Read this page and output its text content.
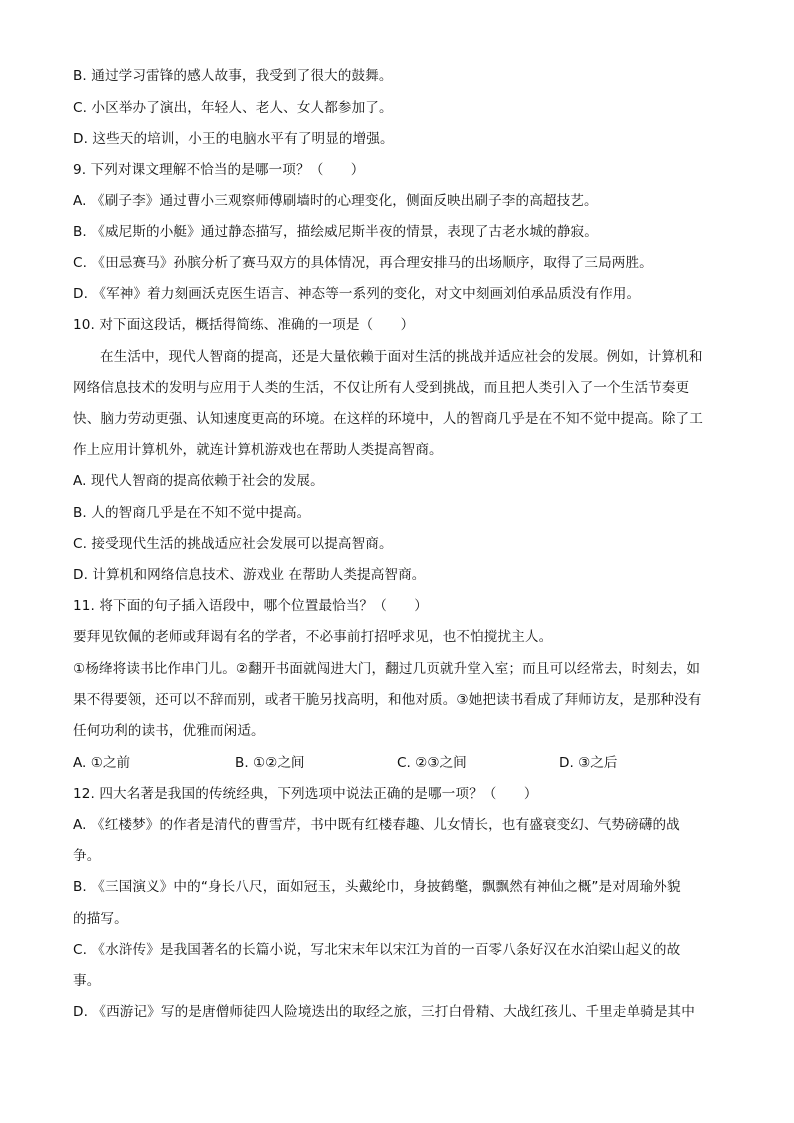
B. 通过学习雷锋的感人故事，我受到了很大的鼓舞。
C. 小区举办了演出，年轻人、老人、女人都参加了。
D. 这些天的培训，小王的电脑水平有了明显的增强。
9. 下列对课文理解不恰当的是哪一项？（　　）
A. 《刷子李》通过曹小三观察师傅刷墙时的心理变化，侧面反映出刷子李的高超技艺。
B. 《威尼斯的小艇》通过静态描写，描绘威尼斯半夜的情景，表现了古老水城的静寂。
C. 《田忌赛马》孙膑分析了赛马双方的具体情况，再合理安排马的出场顺序，取得了三局两胜。
D. 《军神》着力刻画沃克医生语言、神态等一系列的变化，对文中刻画刘伯承品质没有作用。
10. 对下面这段话，概括得简练、准确的一项是（　　）
在生活中，现代人智商的提高，还是大量依赖于面对生活的挑战并适应社会的发展。例如，计算机和
网络信息技术的发明与应用于人类的生活，不仅让所有人受到挑战，而且把人类引入了一个生活节奏更
快、脑力劳动更强、认知速度更高的环境。在这样的环境中，人的智商几乎是在不知不觉中提高。除了工
作上应用计算机外，就连计算机游戏也在帮助人类提高智商。
A. 现代人智商的提高依赖于社会的发展。
B. 人的智商几乎是在不知不觉中提高。
C. 接受现代生活的挑战适应社会发展可以提高智商。
D. 计算机和网络信息技术、游戏业 在帮助人类提高智商。
11. 将下面的句子插入语段中，哪个位置最恰当？（　　）
要拜见钦佩的老师或拜谒有名的学者，不必事前打招呼求见，也不怕搅扰主人。
①杨绛将读书比作串门儿。②翻开书面就闯进大门，翻过几页就升堂入室；而且可以经常去，时刻去，如
果不得要领，还可以不辞而别，或者干脆另找高明，和他对质。③她把读书看成了拜师访友，是那种没有
任何功利的读书，优雅而闲适。
A. ①之前	B. ①②之间	C. ②③之间	D. ③之后
12. 四大名著是我国的传统经典，下列选项中说法正确的是哪一项？（　　）
A. 《红楼梦》的作者是清代的曹雪芹，书中既有红楼春趣、儿女情长，也有盛衰变幻、气势磅礴的战
争。
B. 《三国演义》中的“身长八尺，面如冠玉，头戴纶巾，身披鹤氅，飘飘然有神仙之概”是对周瑜外貌
的描写。
C. 《水浒传》是我国著名的长篇小说，写北宋末年以宋江为首的一百零八条好汉在水泊梁山起义的故
事。
D. 《西游记》写的是唐僧师徒四人险境迭出的取经之旅，三打白骨精、大战红孩儿、千里走单骑是其中
